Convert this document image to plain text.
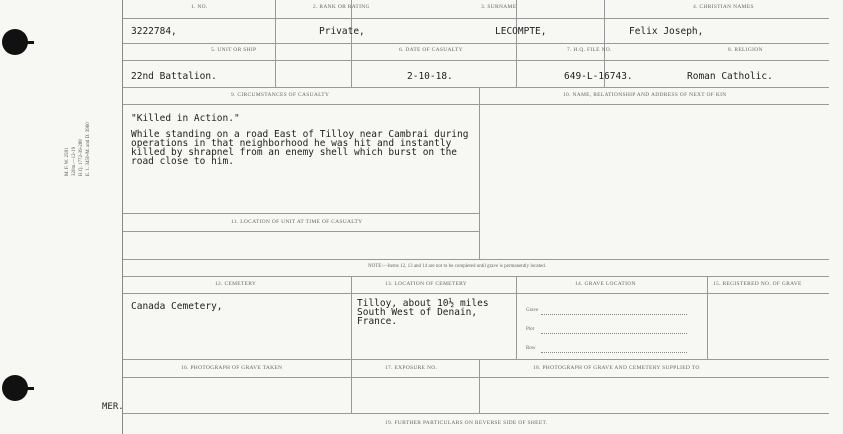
M. F. W. 2581 320m.—12-19 H.Q. 1772-39-288 E. 1. 3450-M. and D. 3960
MER.
1. NO.	2. RANK OR RATING	3. SURNAME	4. CHRISTIAN NAMES
3222784,	Private,	LECOMPTE,	Felix Joseph,
5. UNIT OR SHIP	6. DATE OF CASUALTY	7. H.Q. FILE NO.	8. RELIGION
22nd Battalion.	2-10-18.	649-L-16743.	Roman Catholic.
9. CIRCUMSTANCES OF CASUALTY	10. NAME, RELATIONSHIP AND ADDRESS OF NEXT OF KIN
"Killed in Action."
While standing on a road East of Tilloy near Cambrai during operations in that neighborhood he was hit and instantly killed by shrapnel from an enemy shell which burst on the road close to him.
11. LOCATION OF UNIT AT TIME OF CASUALTY
NOTE:—Items 12, 13 and 14 are not to be completed until grave is permanently located.
12. CEMETERY	13. LOCATION OF CEMETERY	14. GRAVE LOCATION	15. REGISTERED NO. OF GRAVE
Canada Cemetery,	Tilloy, about 10½ miles South West of Denain, France.
Grave
Plot
Row
16. PHOTOGRAPH OF GRAVE TAKEN	17. EXPOSURE NO.	18. PHOTOGRAPH OF GRAVE AND CEMETERY SUPPLIED TO
19. FURTHER PARTICULARS ON REVERSE SIDE OF SHEET.
